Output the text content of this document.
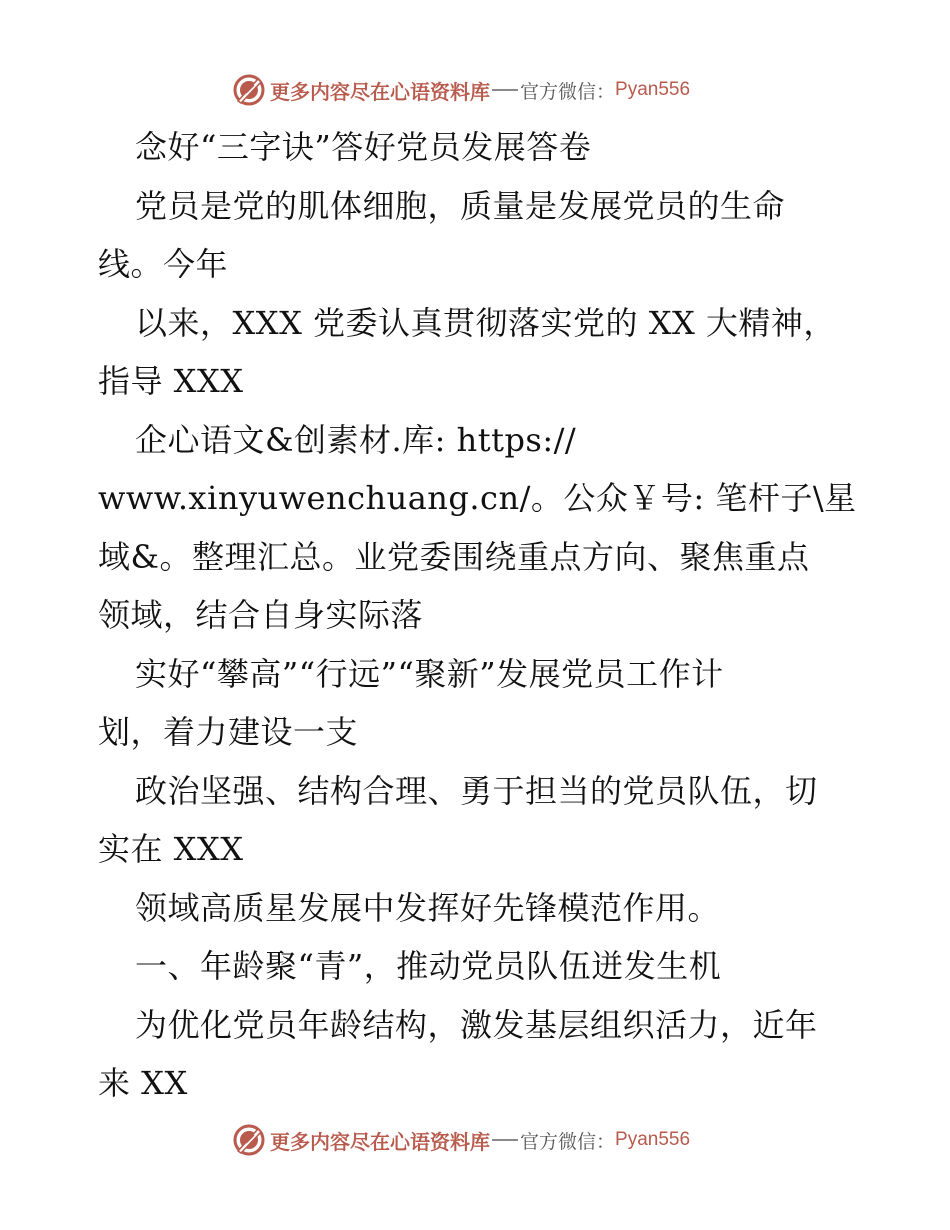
更多内容尽在心语资料库 官方微信： Pyan556
念好“三字诀”答好党员发展答卷
党员是党的肌体细胞，质量是发展党员的生命
线。今年
以来，XXX 党委认真贯彻落实党的 XX 大精神，
指导 XXX
企心语文&创素材.库: https://
www.xinyuwenchuang.cn/。公众￥号: 笔杆子\星
域&。整理汇总。业党委围绕重点方向、聚焦重点
领域，结合自身实际落
实好“攀高”“行远”“聚新”发展党员工作计
划，着力建设一支
政治坚强、结构合理、勇于担当的党员队伍，切
实在 XXX
领域高质星发展中发挥好先锋模范作用。
一、年龄聚“青”，推动党员队伍迸发生机
为优化党员年龄结构，激发基层组织活力，近年
来 XX
更多内容尽在心语资料库 官方微信： Pyan556
